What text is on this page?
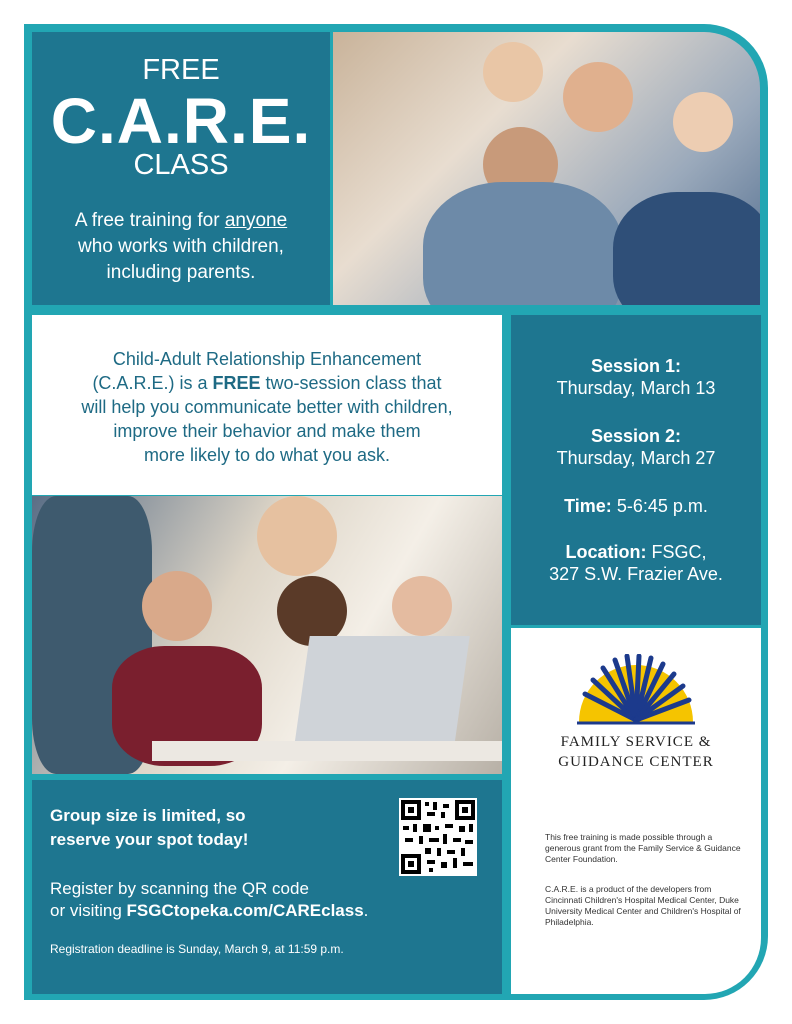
FREE
C.A.R.E.
CLASS
A free training for anyone
who works with children,
including parents.

Child-Adult Relationship Enhancement
(C.A.R.E.) is a FREE two-session class that
will help you communicate better with children,
improve their behavior and make them
more likely to do what you ask.

Session 1:
Thursday, March 13
Session 2:
Thursday, March 27
Time: 5-6:45 p.m.
Location: FSGC,
327 S.W. Frazier Ave.
FAMILY SERVICE &
GUIDANCE CENTER
This free training is made possible through a generous grant from the Family Service & Guidance Center Foundation.
C.A.R.E. is a product of the developers from Cincinnati Children's Hospital Medical Center, Duke University Medical Center and Children's Hospital of Philadelphia.
Group size is limited, so
reserve your spot today!
Register by scanning the QR code
or visiting FSGCtopeka.com/CAREclass.
Registration deadline is Sunday, March 9, at 11:59 p.m.
